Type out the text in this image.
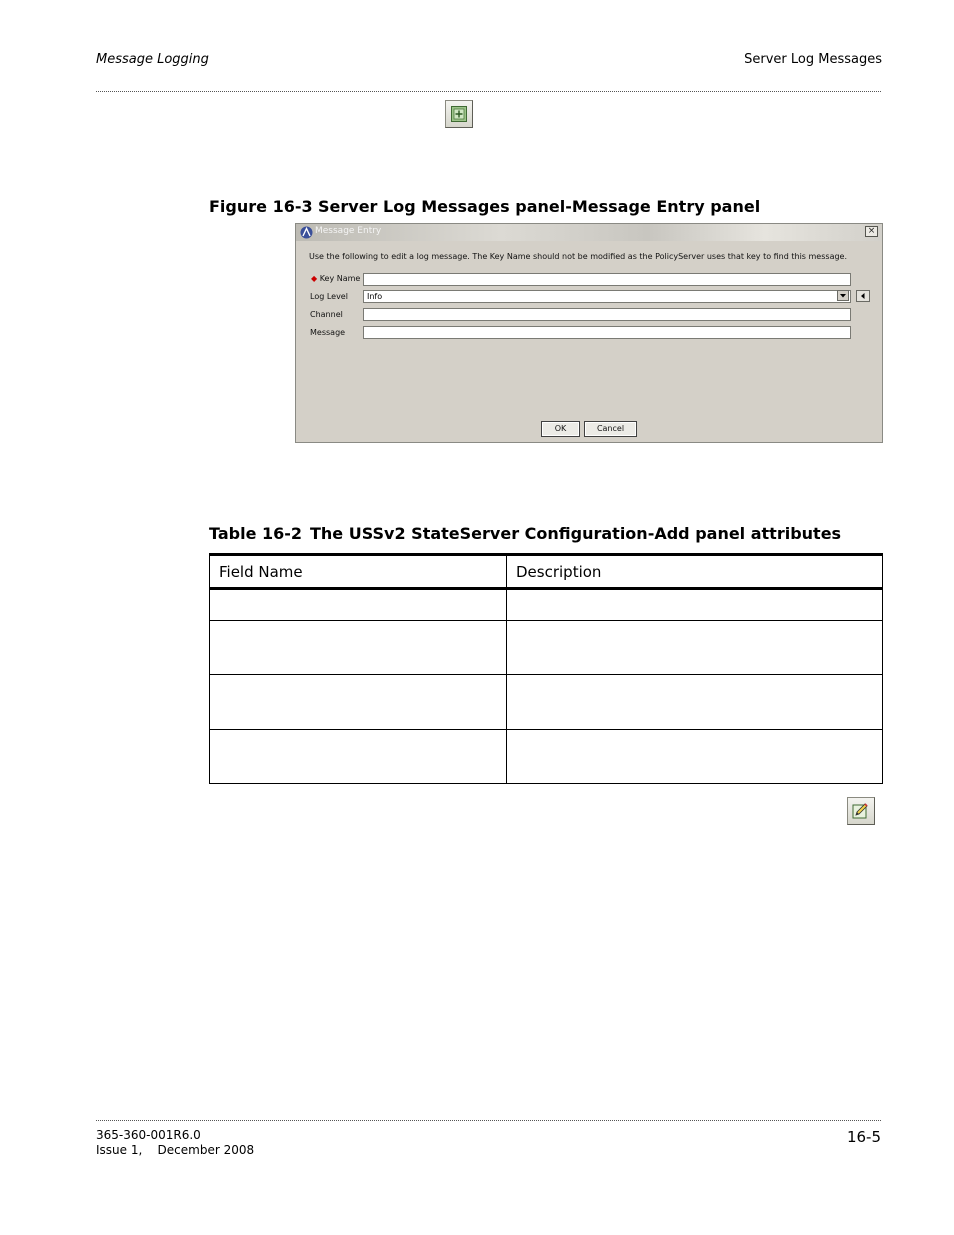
Message Logging	Server Log Messages
Figure 16-3 Server Log Messages panel-Message Entry panel
Message Entry	×
Use the following to edit a log message. The Key Name should not be modified as the PolicyServer uses that key to find this message.
◆ Key Name
Log Level	Info
Channel
Message
OK	Cancel
Table 16-2 The USSv2 StateServer Configuration-Add panel attributes
Field Name	Description

365-360-001R6.0
Issue 1,    December 2008
16-5
